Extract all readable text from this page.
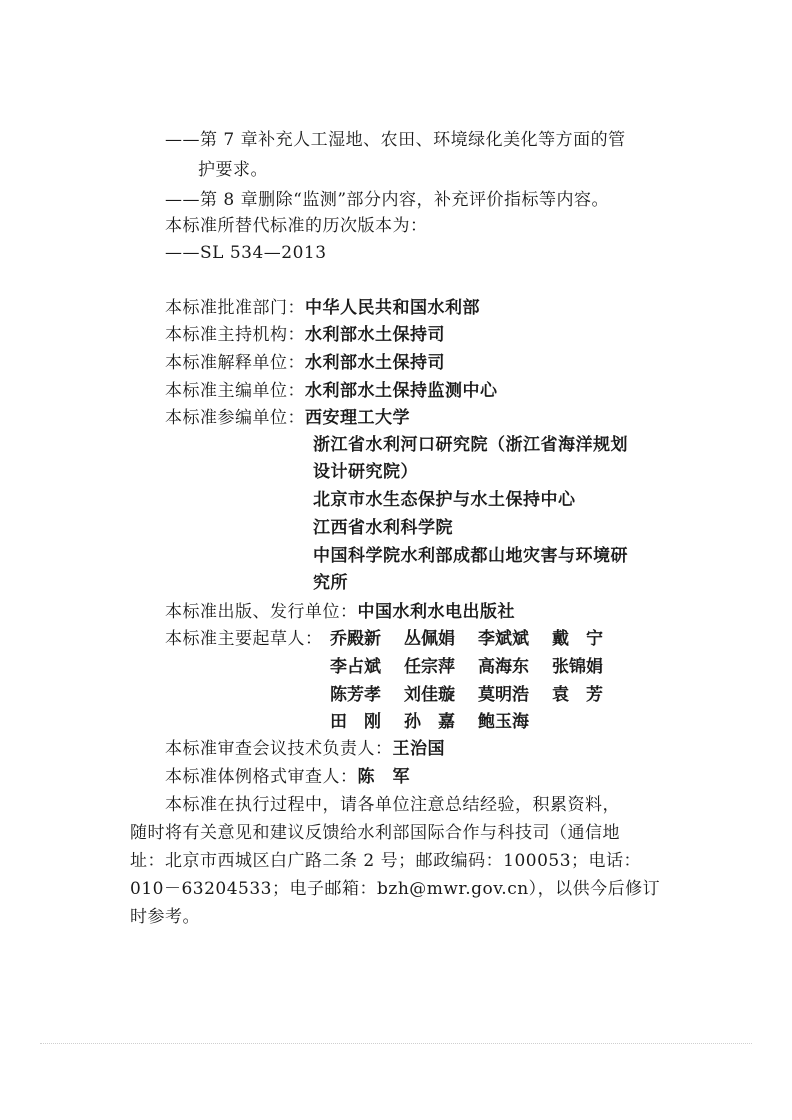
——第 7 章补充人工湿地、农田、环境绿化美化等方面的管
护要求。
——第 8 章删除“监测”部分内容，补充评价指标等内容。
本标准所替代标准的历次版本为：
——SL 534—2013
本标准批准部门：中华人民共和国水利部
本标准主持机构：水利部水土保持司
本标准解释单位：水利部水土保持司
本标准主编单位：水利部水土保持监测中心
本标准参编单位：西安理工大学
浙江省水利河口研究院（浙江省海洋规划
设计研究院）
北京市水生态保护与水土保持中心
江西省水利科学院
中国科学院水利部成都山地灾害与环境研
究所
本标准出版、发行单位：中国水利水电出版社
本标准主要起草人： 乔殿新 丛佩娟 李斌斌 戴　宁
李占斌 任宗萍 高海东 张锦娟
陈芳孝 刘佳璇 莫明浩 袁　芳
田　刚 孙　嘉 鲍玉海
本标准审查会议技术负责人：王治国
本标准体例格式审查人：陈　军
　　本标准在执行过程中，请各单位注意总结经验，积累资料，
随时将有关意见和建议反馈给水利部国际合作与科技司（通信地
址：北京市西城区白广路二条 2 号；邮政编码：100053；电话：
010－63204533；电子邮箱：bzh@mwr.gov.cn），以供今后修订
时参考。
